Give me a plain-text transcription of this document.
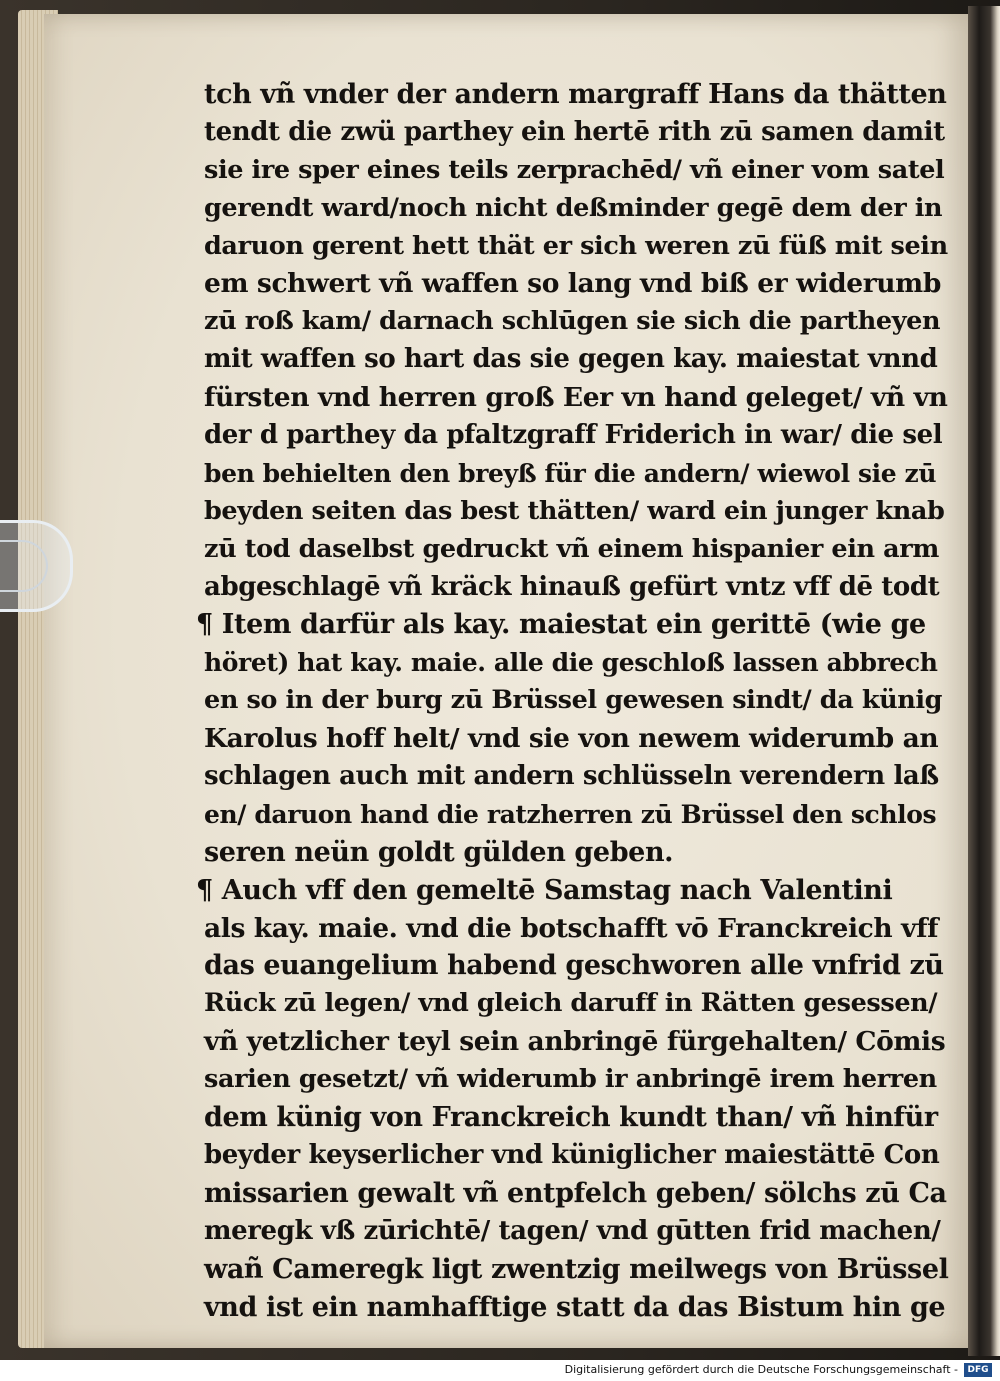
tch vñ vnder der andern margraff Hans da thätten

tendt die zwü parthey ein hertē rith zū samen damit

sie ire sper eines teils zerprachēd/ vñ einer vom satel

gerendt ward/noch nicht deßminder gegē dem der in

daruon gerent hett thät er sich weren zū füß mit sein

em schwert vñ waffen so lang vnd biß er widerumb

zū roß kam/ darnach schlūgen sie sich die partheyen

mit waffen so hart das sie gegen kay. maiestat vnnd

fürsten vnd herren groß Eer vn hand geleget/ vñ vn

der d parthey da pfaltzgraff Friderich in war/ die sel

ben behielten den breyß für die andern/ wiewol sie zū

beyden seiten das best thätten/ ward ein junger knab

zū tod daselbst gedruckt vñ einem hispanier ein arm

abgeschlagē vñ kräck hinauß gefürt vntz vff dē todt

¶ Item darfür als kay. maiestat ein gerittē (wie ge

höret) hat kay. maie. alle die geschloß lassen abbrech

en so in der burg zū Brüssel gewesen sindt/ da künig

Karolus hoff helt/ vnd sie von newem widerumb an

schlagen auch mit andern schlüsseln verendern laß

en/ daruon hand die ratzherren zū Brüssel den schlos

seren neün goldt gülden geben.

¶ Auch vff den gemeltē Samstag nach Valentini

als kay. maie. vnd die botschafft vō Franckreich vff

das euangelium habend geschworen alle vnfrid zū

Rück zū legen/ vnd gleich daruff in Rätten gesessen/

vñ yetzlicher teyl sein anbringē fürgehalten/ Cōmis

sarien gesetzt/ vñ widerumb ir anbringē irem herren

dem künig von Franckreich kundt than/ vñ hinfür

beyder keyserlicher vnd küniglicher maiestättē Con

missarien gewalt vñ entpfelch geben/ sölchs zū Ca

meregk vß zūrichtē/ tagen/ vnd gūtten frid machen/

wañ Cameregk ligt zwentzig meilwegs von Brüssel

vnd ist ein namhafftige statt da das Bistum hin ge

Digitalisierung gefördert durch die Deutsche Forschungsgemeinschaft -	DFG
